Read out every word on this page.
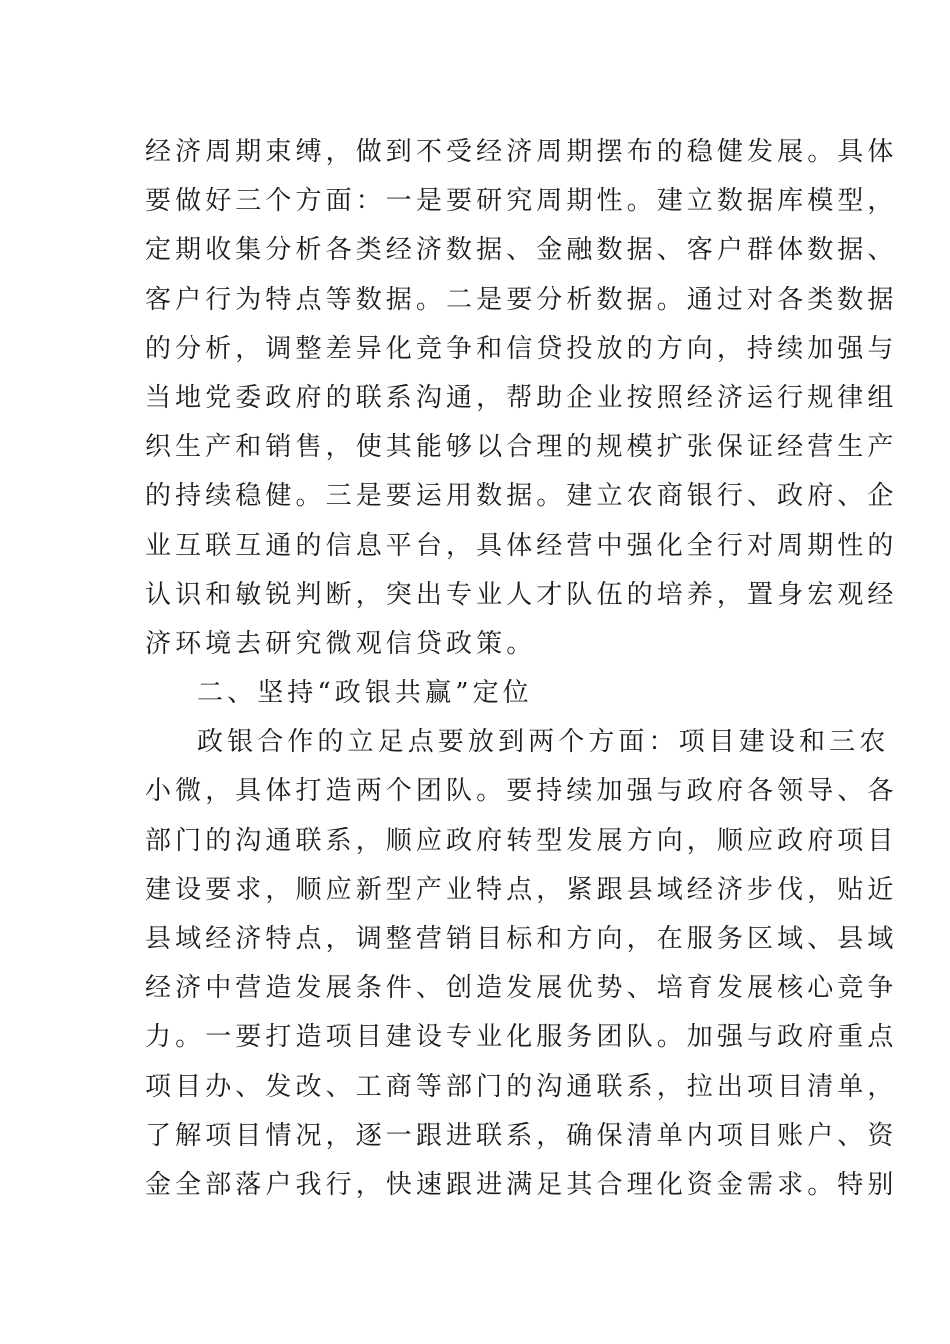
经济周期束缚，做到不受经济周期摆布的稳健发展。具体
要做好三个方面：一是要研究周期性。建立数据库模型，
定期收集分析各类经济数据、金融数据、客户群体数据、
客户行为特点等数据。二是要分析数据。通过对各类数据
的分析，调整差异化竞争和信贷投放的方向，持续加强与
当地党委政府的联系沟通，帮助企业按照经济运行规律组
织生产和销售，使其能够以合理的规模扩张保证经营生产
的持续稳健。三是要运用数据。建立农商银行、政府、企
业互联互通的信息平台，具体经营中强化全行对周期性的
认识和敏锐判断，突出专业人才队伍的培养，置身宏观经
济环境去研究微观信贷政策。
二、坚持“政银共赢”定位
政银合作的立足点要放到两个方面：项目建设和三农
小微，具体打造两个团队。要持续加强与政府各领导、各
部门的沟通联系，顺应政府转型发展方向，顺应政府项目
建设要求，顺应新型产业特点，紧跟县域经济步伐，贴近
县域经济特点，调整营销目标和方向，在服务区域、县域
经济中营造发展条件、创造发展优势、培育发展核心竞争
力。一要打造项目建设专业化服务团队。加强与政府重点
项目办、发改、工商等部门的沟通联系，拉出项目清单，
了解项目情况，逐一跟进联系，确保清单内项目账户、资
金全部落户我行，快速跟进满足其合理化资金需求。特别
